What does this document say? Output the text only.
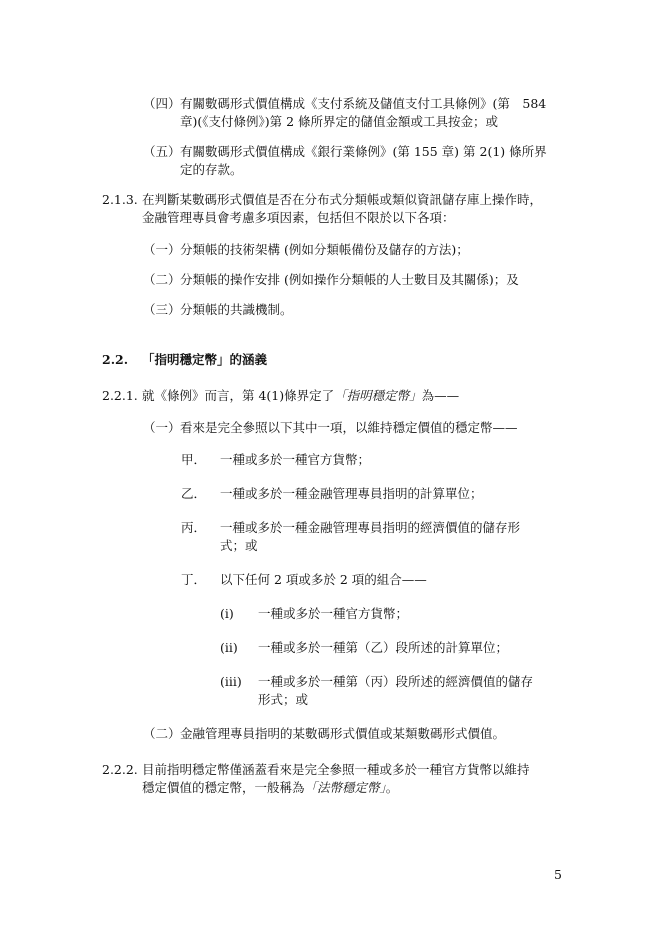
（四） 有關數碼形式價值構成《支付系統及儲值支付工具條例》(第　584
章)(《支付條例》)第 2 條所界定的儲值金額或工具按金；或
（五） 有關數碼形式價值構成《銀行業條例》(第 155 章) 第 2(1) 條所界
定的存款。
2.1.3. 在判斷某數碼形式價值是否在分布式分類帳或類似資訊儲存庫上操作時，
金融管理專員會考慮多項因素，包括但不限於以下各項：
（一） 分類帳的技術架構 (例如分類帳備份及儲存的方法)；
（二） 分類帳的操作安排 (例如操作分類帳的人士數目及其關係)；及
（三） 分類帳的共識機制。
2.2. 「指明穩定幣」的涵義
2.2.1. 就《條例》而言，第 4(1)條界定了「指明穩定幣」為——
（一） 看來是完全參照以下其中一項，以維持穩定價值的穩定幣——
甲． 一種或多於一種官方貨幣；
乙． 一種或多於一種金融管理專員指明的計算單位；
丙． 一種或多於一種金融管理專員指明的經濟價值的儲存形
式；或
丁． 以下任何 2 項或多於 2 項的組合——
(i) 一種或多於一種官方貨幣；
(ii) 一種或多於一種第（乙）段所述的計算單位；
(iii) 一種或多於一種第（丙）段所述的經濟價值的儲存
形式；或
（二） 金融管理專員指明的某數碼形式價值或某類數碼形式價值。
2.2.2. 目前指明穩定幣僅涵蓋看來是完全參照一種或多於一種官方貨幣以維持
穩定價值的穩定幣，一般稱為「法幣穩定幣」。
5
